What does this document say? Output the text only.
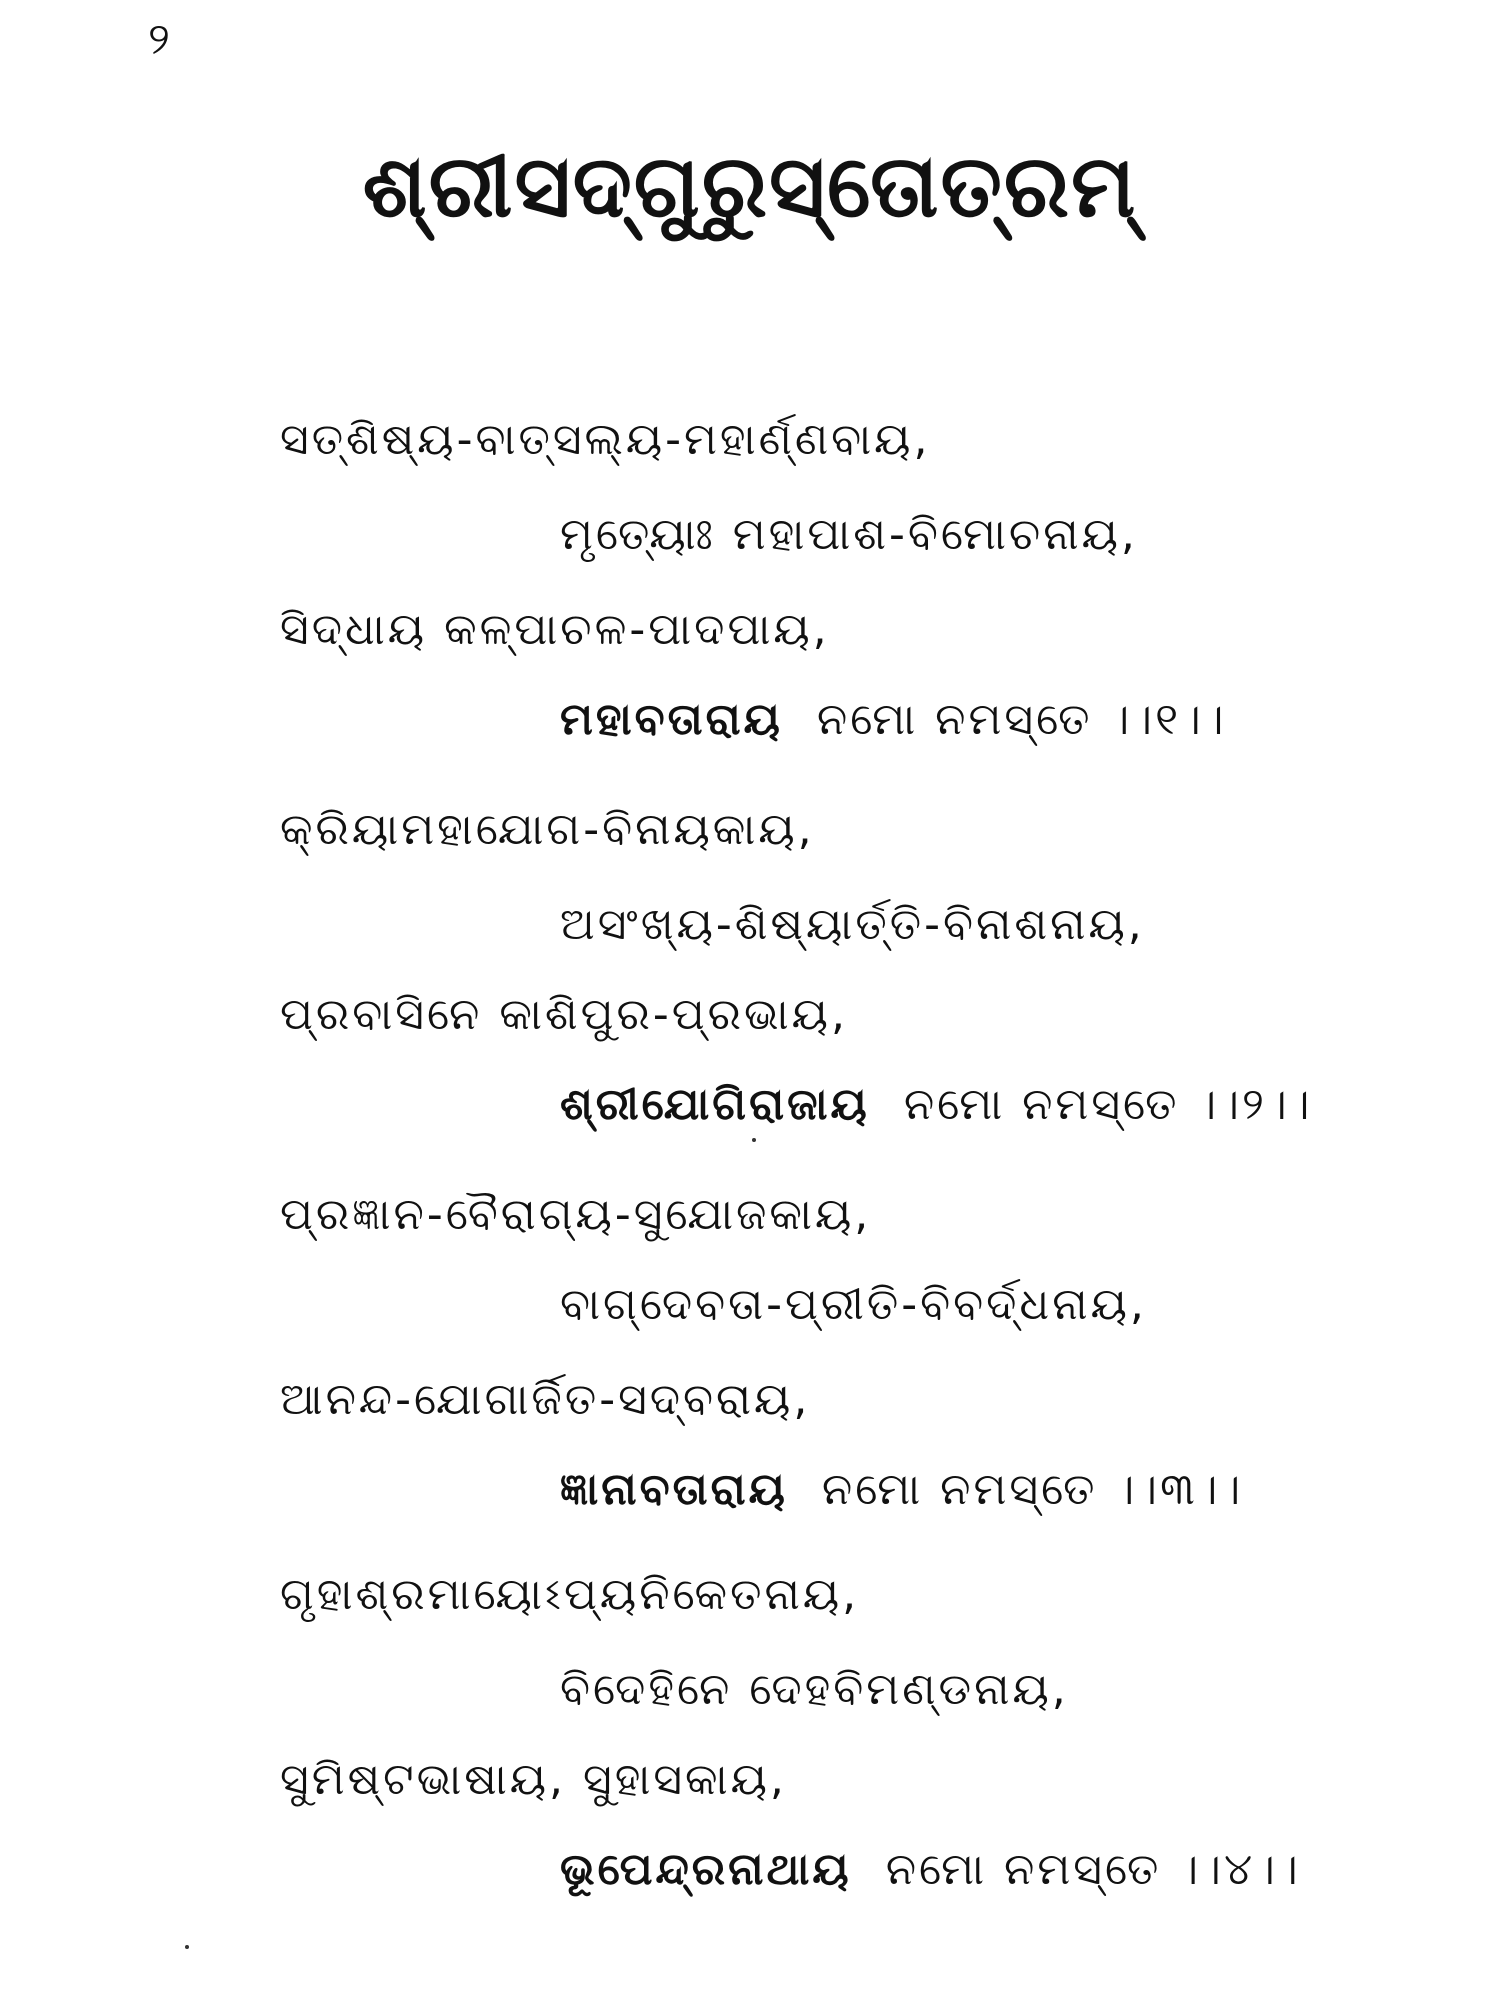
୨
ଶ୍ରୀସଦ୍‌ଗୁରୁସ୍ତୋତ୍ରମ୍
ସତ୍‌ଶିଷ୍ୟ-ବାତ୍ସଲ୍ୟ-ମହାର୍ଣ୍ଣବାୟ,
ମୃତ୍ୟୋଃ ମହାପାଶ-ବିମୋଚନାୟ,
ସିଦ୍ଧାୟ କଳ୍ପାଚଳ-ପାଦପାୟ,
ମହାବତାରାୟ ନମୋ ନମସ୍ତେ ।।୧।।
କ୍ରିୟାମହାଯୋଗ-ବିନାୟକାୟ,
ଅସଂଖ୍ୟ-ଶିଷ୍ୟାର୍ତ୍ତି-ବିନାଶନାୟ,
ପ୍ରବାସିନେ କାଶିପୁର-ପ୍ରଭାୟ,
ଶ୍ରୀଯୋଗିରାଜାୟ ନମୋ ନମସ୍ତେ ।।୨।।
ପ୍ରଜ୍ଞାନ-ବୈରାଗ୍ୟ-ସୁଯୋଜକାୟ,
ବାଗ୍‌ଦେବତା-ପ୍ରୀତି-ବିବର୍ଦ୍ଧନାୟ,
ଆନନ୍ଦ-ଯୋଗାର୍ଜିତ-ସଦ୍‌ବରାୟ,
ଜ୍ଞାନାବତାରାୟ ନମୋ ନମସ୍ତେ ।।୩।।
ଗୃହାଶ୍ରମାୟୋଽପ୍ୟନିକେତନାୟ,
ବିଦେହିନେ ଦେହବିମଣ୍ଡନାୟ,
ସୁମିଷ୍ଟଭାଷାୟ, ସୁହାସକାୟ,
ଭୂପେନ୍ଦ୍ରନାଥାୟ ନମୋ ନମସ୍ତେ ।।୪।।
